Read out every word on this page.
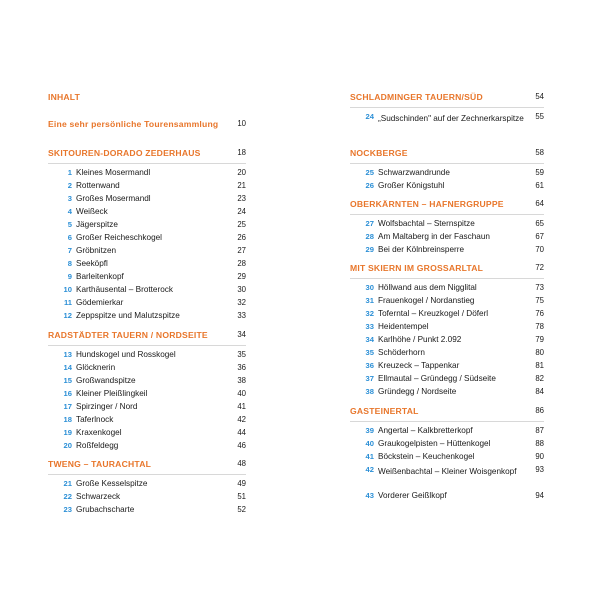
INHALT
Eine sehr persönliche Tourensammlung	10
SKITOUREN-DORADO ZEDERHAUS	18
1 Kleines Mosermandl	20
2 Rottenwand	21
3 Großes Mosermandl	23
4 Weißeck	24
5 Jägerspitze	25
6 Großer Reicheschkogel	26
7 Gröbnitzen	27
8 Seeköpfl	28
9 Barleitenkopf	29
10 Karthäusental – Brotterock	30
11 Gödemierkar	32
12 Zeppspitze und Malutzspitze	33
RADSTÄDTER TAUERN / NORDSEITE	34
13 Hundskogel und Rosskogel	35
14 Glöcknerin	36
15 Großwandspitze	38
16 Kleiner Pleißlingkeil	40
17 Spirzinger / Nord	41
18 Taferlnock	42
19 Kraxenkogel	44
20 Roßfeldegg	46
TWENG – TAURACHTAL	48
21 Große Kesselspitze	49
22 Schwarzeck	51
23 Grubachscharte	52
SCHLADMINGER TAUERN/SÜD	54
24 „Sudschinden" auf der Zechnerkarspitze 55
NOCKBERGE	58
25 Schwarzwandrunde	59
26 Großer Königstuhl	61
OBERKÄRNTEN – HAFNERGRUPPE	64
27 Wolfsbachtal – Sternspitze	65
28 Am Maltaberg in der Faschaun	67
29 Bei der Kölnbreinsperre	70
MIT SKIERN IM GROSSARLTAL	72
30 Höllwand aus dem Nigglital	73
31 Frauenkogel / Nordanstieg	75
32 Toferntal – Kreuzkogel / Döferl	76
33 Heidentempel	78
34 Karlhöhe / Punkt 2.092	79
35 Schöderhorn	80
36 Kreuzeck – Tappenkar	81
37 Ellmautal – Gründegg / Südseite	82
38 Gründegg / Nordseite	84
GASTEINERTAL	86
39 Angertal – Kalkbretterkopf	87
40 Graukogelpisten – Hüttenkogel	88
41 Böckstein – Keuchenkogel	90
42 Weißenbachtal – Kleiner Woisgenkopf 93
43 Vorderer Geißlkopf	94
